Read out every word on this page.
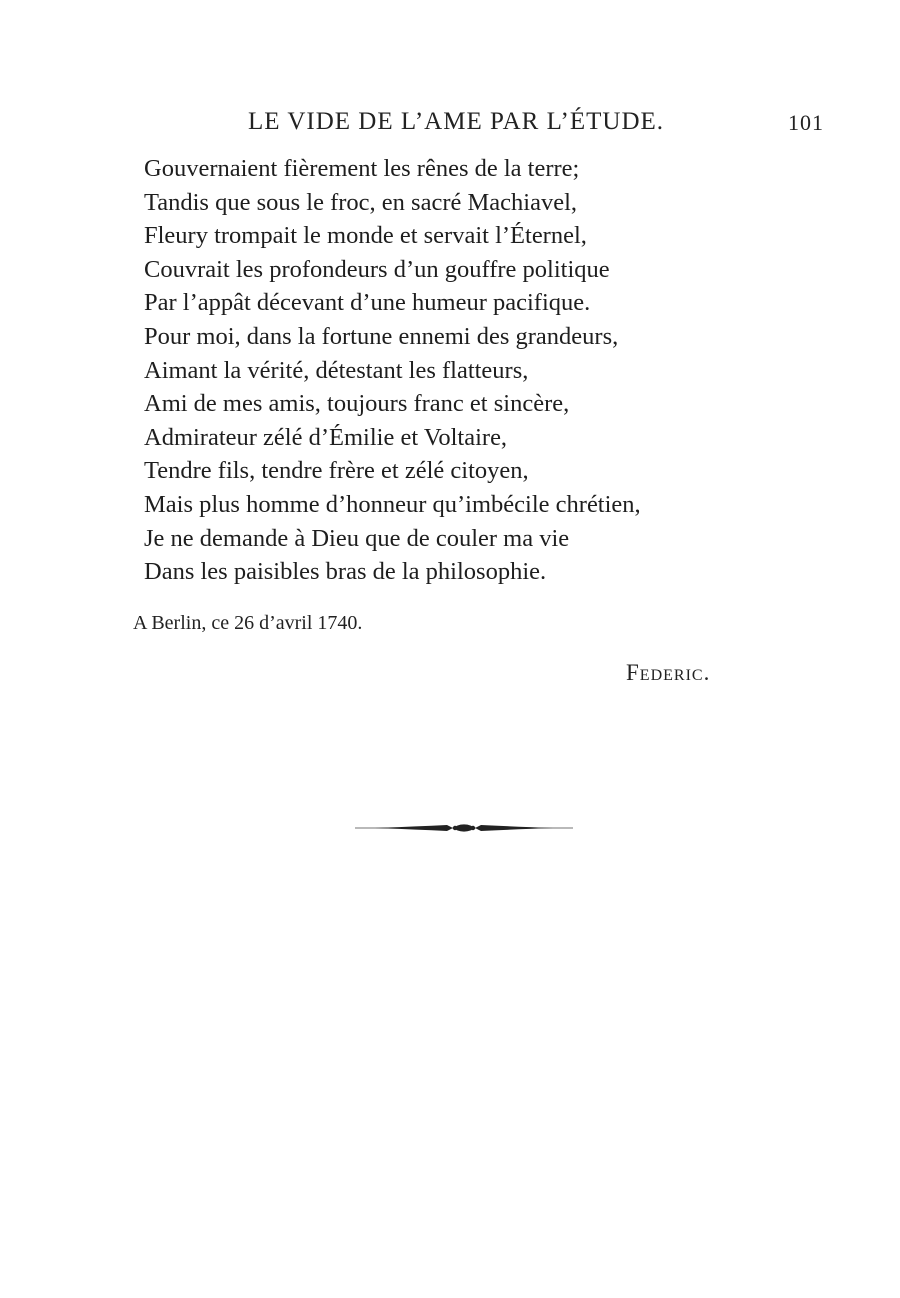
LE VIDE DE L’AME PAR L’ÉTUDE.	101
Gouvernaient fièrement les rênes de la terre;
Tandis que sous le froc, en sacré Machiavel,
Fleury trompait le monde et servait l’Éternel,
Couvrait les profondeurs d’un gouffre politique
Par l’appât décevant d’une humeur pacifique.
Pour moi, dans la fortune ennemi des grandeurs,
Aimant la vérité, détestant les flatteurs,
Ami de mes amis, toujours franc et sincère,
Admirateur zélé d’Émilie et Voltaire,
Tendre fils, tendre frère et zélé citoyen,
Mais plus homme d’honneur qu’imbécile chrétien,
Je ne demande à Dieu que de couler ma vie
Dans les paisibles bras de la philosophie.
A Berlin, ce 26 d’avril 1740.
Federic.
